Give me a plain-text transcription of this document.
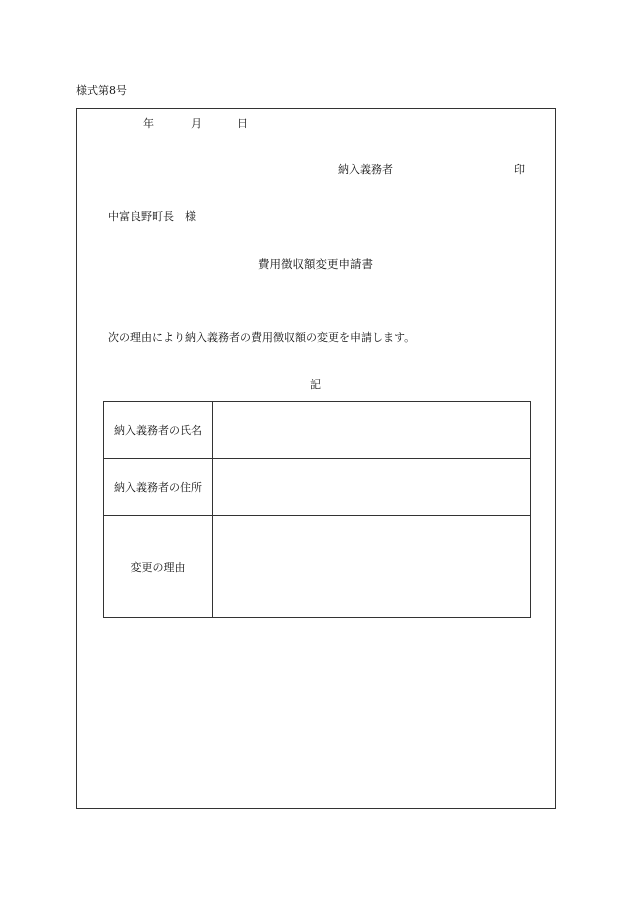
様式第8号
年	月	日
納入義務者	印
中富良野町長　様
費用徴収額変更申請書
次の理由により納入義務者の費用徴収額の変更を申請します。
記
納入義務者の氏名	
納入義務者の住所	
変更の理由	
